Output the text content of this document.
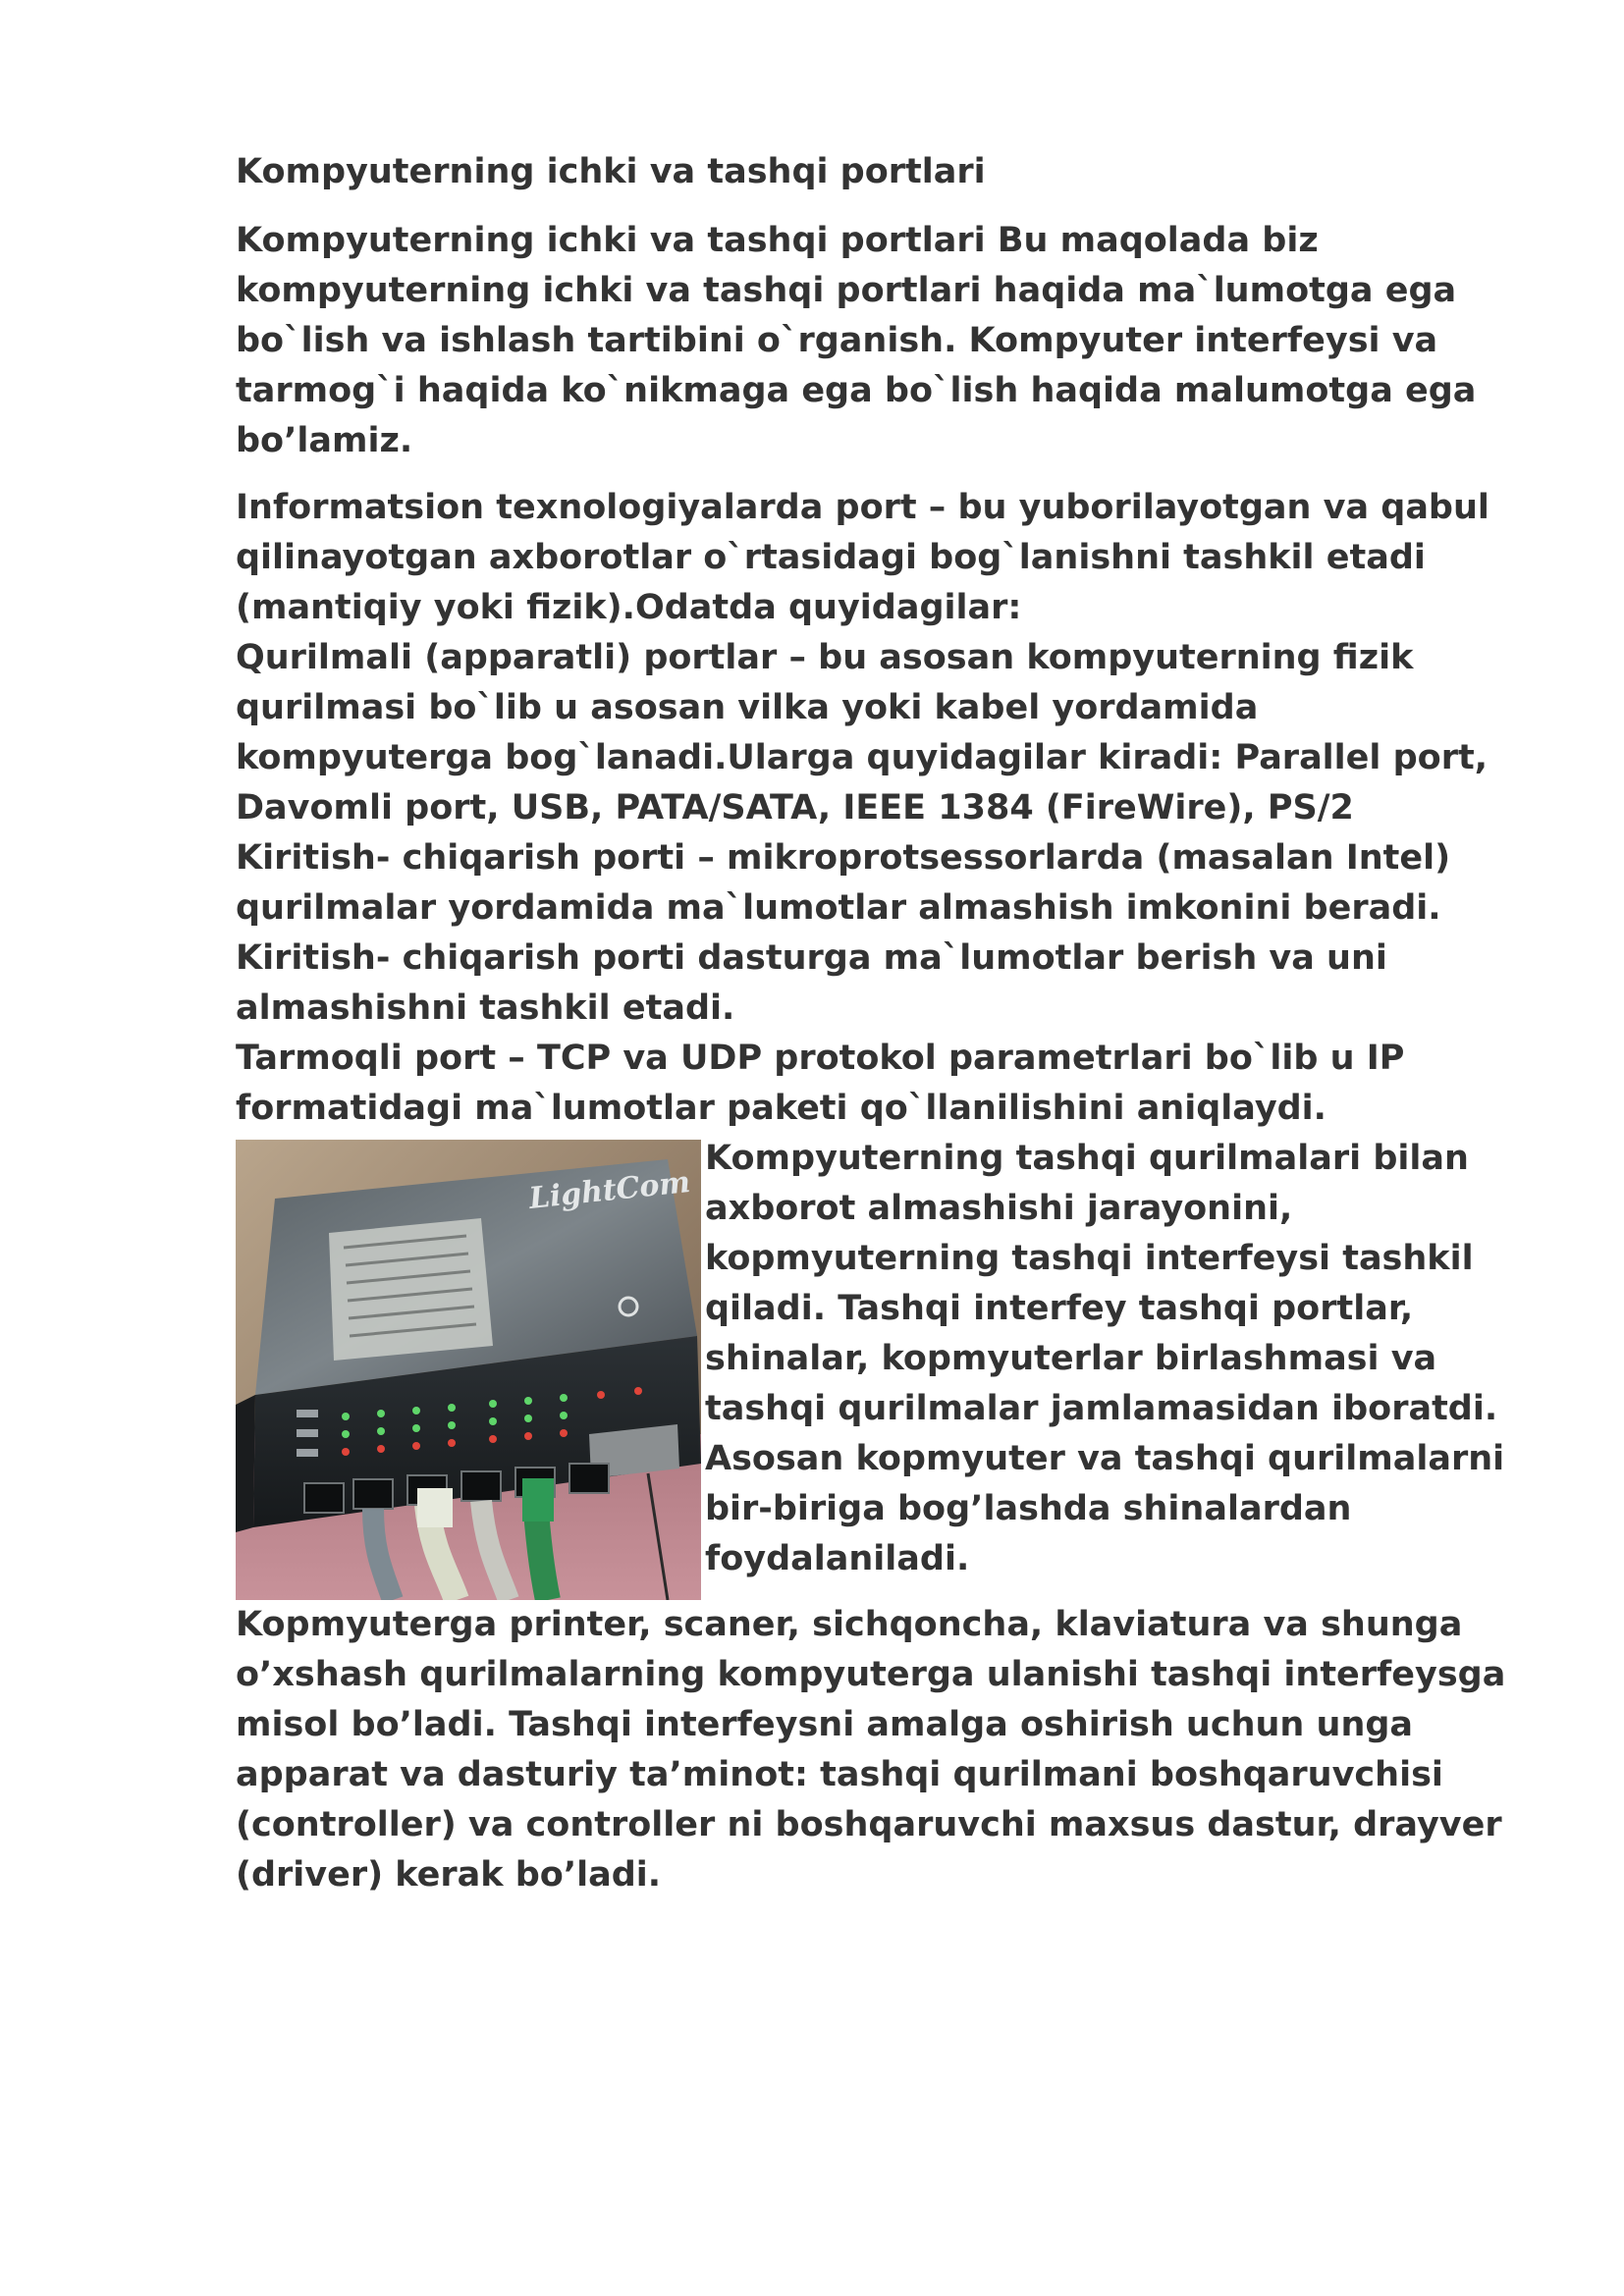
Kompyuterning ichki va tashqi portlari

Kompyuterning ichki va tashqi portlari Bu maqolada biz kompyuterning ichki va tashqi portlari haqida ma`lumotga ega bo`lish va ishlash tartibini o`rganish. Kompyuter interfeysi va tarmog`i haqida ko`nikmaga ega bo`lish haqida malumotga ega bo’lamiz.

Informatsion texnologiyalarda port – bu yuborilayotgan va qabul qilinayotgan axborotlar o`rtasidagi bog`lanishni tashkil etadi (mantiqiy yoki fizik).Odatda quyidagilar:

Qurilmali (apparatli) portlar – bu asosan kompyuterning fizik qurilmasi bo`lib u asosan vilka yoki kabel yordamida kompyuterga bog`lanadi.Ularga quyidagilar kiradi: Parallel port, Davomli port, USB, PATA/SATA, IEEE 1384 (FireWire), PS/2

Kiritish- chiqarish porti – mikroprotsessorlarda (masalan Intel) qurilmalar yordamida ma`lumotlar almashish imkonini beradi. Kiritish- chiqarish porti dasturga ma`lumotlar berish va uni almashishni tashkil etadi.

Tarmoqli port – TCP va UDP protokol parametrlari bo`lib u IP formatidagi ma`lumotlar paketi qo`llanilishini aniqlaydi.

LightCom

Kompyuterning tashqi qurilmalari bilan axborot almashishi jarayonini, kopmyuterning tashqi interfeysi tashkil qiladi. Tashqi interfey tashqi portlar, shinalar, kopmyuterlar birlashmasi va tashqi qurilmalar jamlamasidan iboratdi. Asosan kopmyuter va tashqi qurilmalarni bir-biriga bog’lashda shinalardan foydalaniladi.

Kopmyuterga printer, scaner, sichqoncha, klaviatura va shunga o’xshash qurilmalarning kompyuterga ulanishi tashqi interfeysga misol bo’ladi. Tashqi interfeysni amalga oshirish uchun unga apparat va dasturiy ta’minot: tashqi qurilmani boshqaruvchisi (controller) va controller ni boshqaruvchi maxsus dastur, drayver (driver) kerak bo’ladi.
